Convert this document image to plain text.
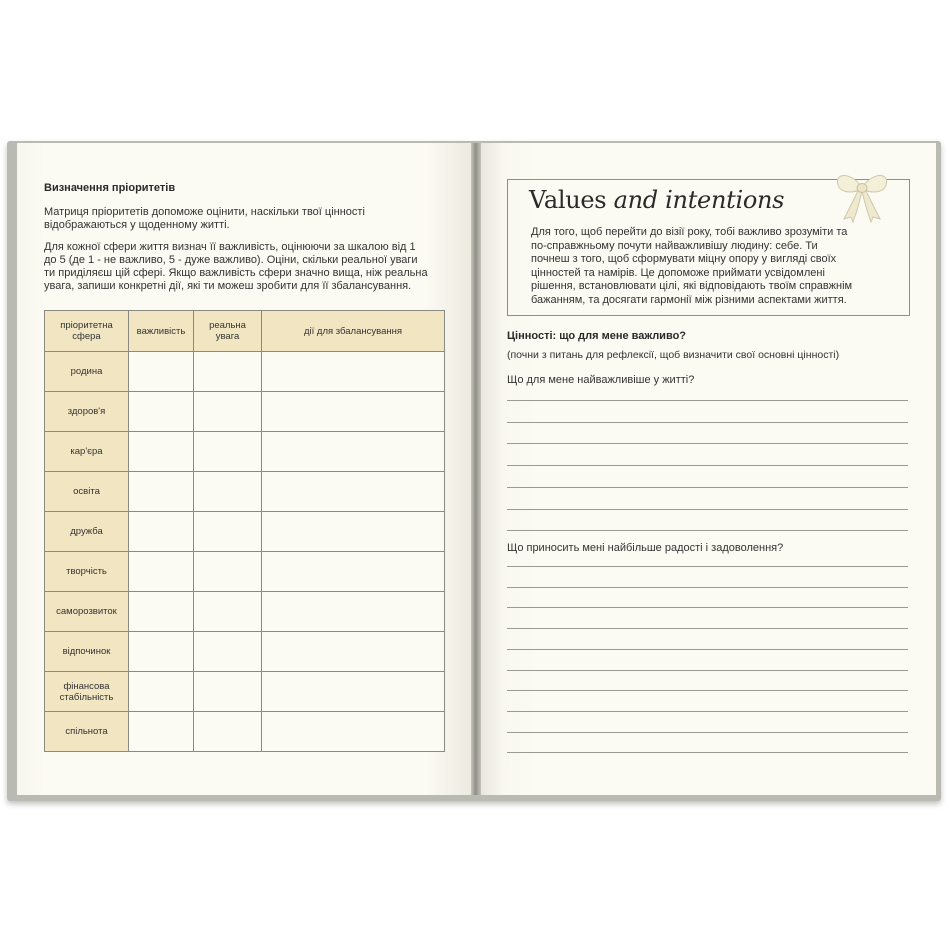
Визначення пріоритетів
Матриця пріоритетів допоможе оцінити, наскільки твої цінності
відображаються у щоденному житті.
Для кожної сфери життя визнач її важливість, оцінюючи за шкалою від 1
до 5 (де 1 - не важливо, 5 - дуже важливо). Оціни, скільки реальної уваги
ти приділяєш цій сфері. Якщо важливість сфери значно вища, ніж реальна
увага, запиши конкретні дії, які ти можеш зробити для її збалансування.
пріоритетна сфера	важливість	реальна увага	дії для збалансування
родина			
здоров'я			
кар'єра			
освіта			
дружба			
творчість			
саморозвиток			
відпочинок			
фінансова стабільність			
спільнота			
Values and intentions
Для того, щоб перейти до візії року, тобі важливо зрозуміти та
по-справжньому почути найважливішу людину: себе. Ти
почнеш з того, щоб сформувати міцну опору у вигляді своїх
цінностей та намірів. Це допоможе приймати усвідомлені
рішення, встановлювати цілі, які відповідають твоїм справжнім
бажанням, та досягати гармонії між різними аспектами життя.
Цінності: що для мене важливо?
(почни з питань для рефлексії, щоб визначити свої основні цінності)
Що для мене найважливіше у житті?
Що приносить мені найбільше радості і задоволення?
